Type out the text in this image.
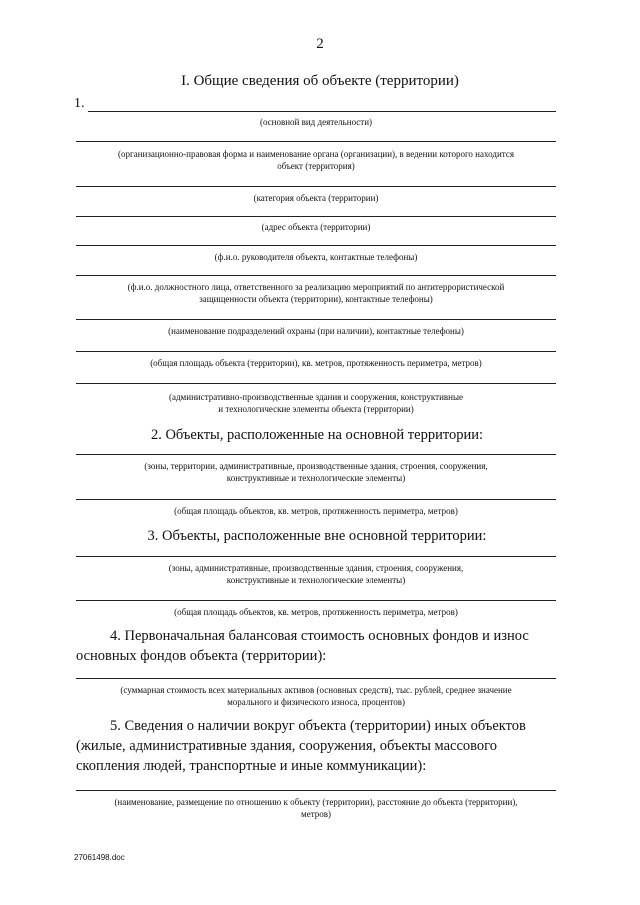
2
I. Общие сведения об объекте (территории)
1.
(основной вид деятельности)
(организационно-правовая форма и наименование органа (организации), в ведении которого находится
объект (территория)
(категория объекта (территории)
(адрес объекта (территории)
(ф.и.о. руководителя объекта, контактные телефоны)
(ф.и.о. должностного лица, ответственного за реализацию мероприятий по антитеррористической
защищенности объекта (территории), контактные телефоны)
(наименование подразделений охраны (при наличии), контактные телефоны)
(общая площадь объекта (территории), кв. метров, протяженность периметра, метров)
(административно-производственные здания и сооружения, конструктивные
и технологические элементы объекта (территории)
2. Объекты, расположенные на основной территории:
(зоны, территории, административные, производственные здания, строения, сооружения,
конструктивные и технологические элементы)
(общая площадь объектов, кв. метров, протяженность периметра, метров)
3. Объекты, расположенные вне основной территории:
(зоны, административные, производственные здания, строения, сооружения,
конструктивные и технологические элементы)
(общая площадь объектов, кв. метров, протяженность периметра, метров)
4. Первоначальная балансовая стоимость основных фондов и износ
основных фондов объекта (территории):
(суммарная стоимость всех материальных активов (основных средств), тыс. рублей, среднее значение
морального и физического износа, процентов)
5. Сведения о наличии вокруг объекта (территории) иных объектов
(жилые, административные здания, сооружения, объекты массового
скопления людей, транспортные и иные коммуникации):
(наименование, размещение по отношению к объекту (территории), расстояние до объекта (территории),
метров)
27061498.doc
